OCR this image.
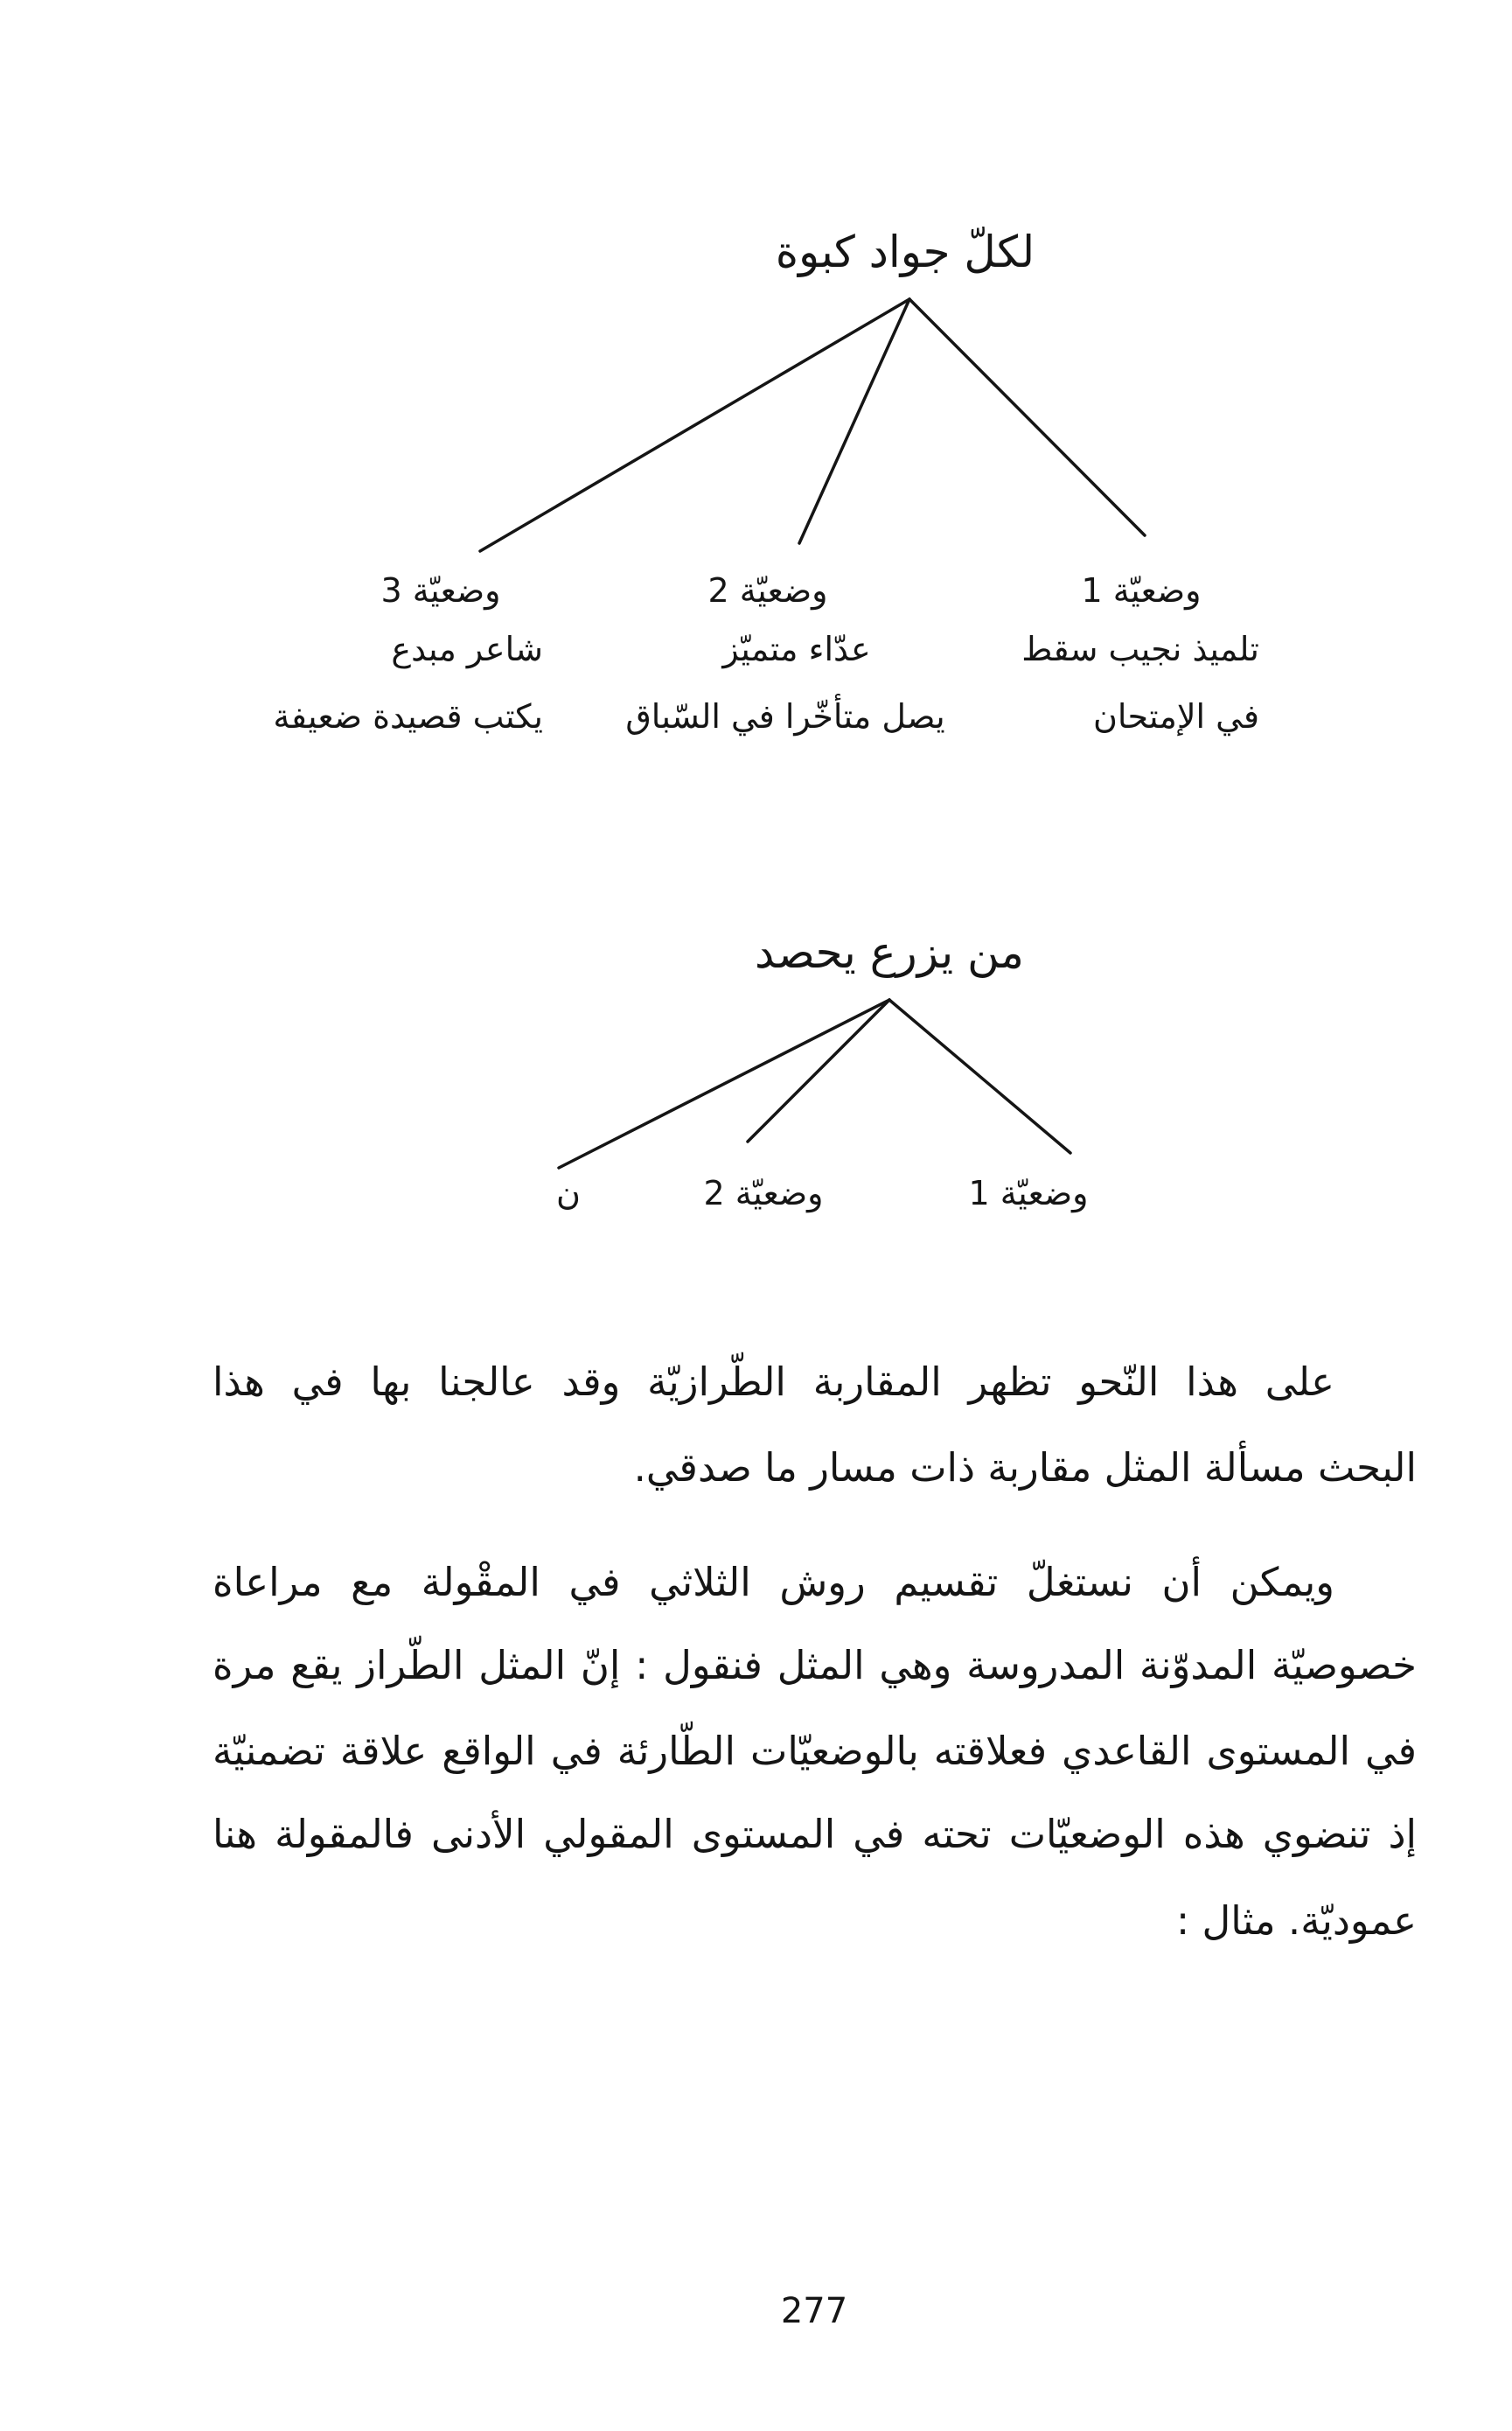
لكلّ جواد كبوة
وضعيّة 1
تلميذ نجيب سقط
في الإمتحان
وضعيّة 2
عدّاء متميّز
يصل متأخّرا في السّباق
وضعيّة 3
شاعر مبدع
يكتب قصيدة ضعيفة
من يزرع يحصد
وضعيّة 1
وضعيّة 2
ن
على هذا النّحو تظهر المقاربة الطّرازيّة وقد عالجنا بها في هذا
البحث مسألة المثل مقاربة ذات مسار ما صدقي.
ويمكن أن نستغلّ تقسيم روش الثلاثي في المقْولة مع مراعاة
خصوصيّة المدوّنة المدروسة وهي المثل فنقول : إنّ المثل الطّراز يقع مرة
في المستوى القاعدي فعلاقته بالوضعيّات الطّارئة في الواقع علاقة تضمنيّة
إذ تنضوي هذه الوضعيّات تحته في المستوى المقولي الأدنى فالمقولة هنا
عموديّة. مثال :
277
